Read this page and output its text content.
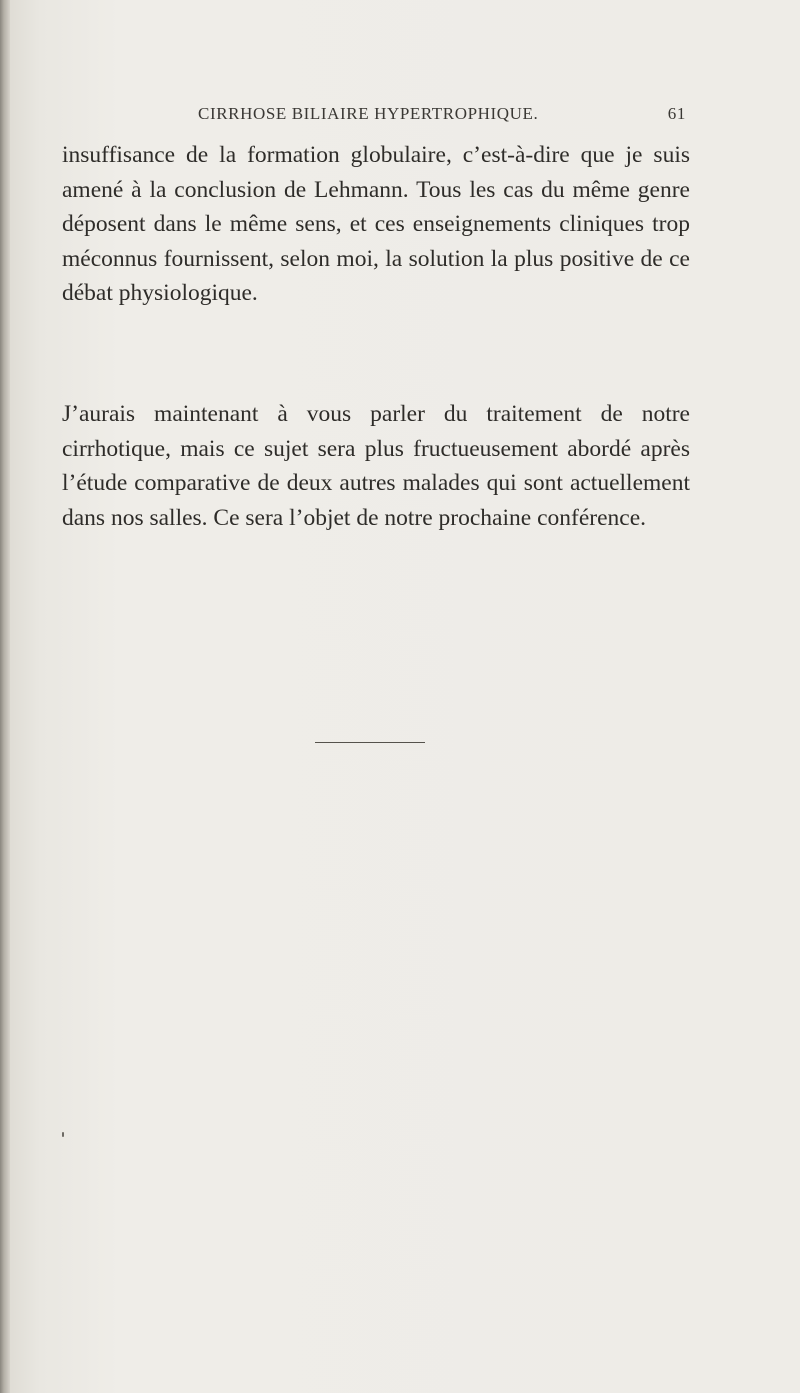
CIRRHOSE BILIAIRE HYPERTROPHIQUE.	61

insuffisance de la formation globulaire, c’est-à-dire que je suis amené à la conclusion de Lehmann. Tous les cas du même genre déposent dans le même sens, et ces enseignements cliniques trop méconnus fournissent, selon moi, la solution la plus positive de ce débat physiologique.

J’aurais maintenant à vous parler du traitement de notre cirrhotique, mais ce sujet sera plus fructueusement abordé après l’étude comparative de deux autres malades qui sont actuellement dans nos salles. Ce sera l’objet de notre prochaine conférence.
